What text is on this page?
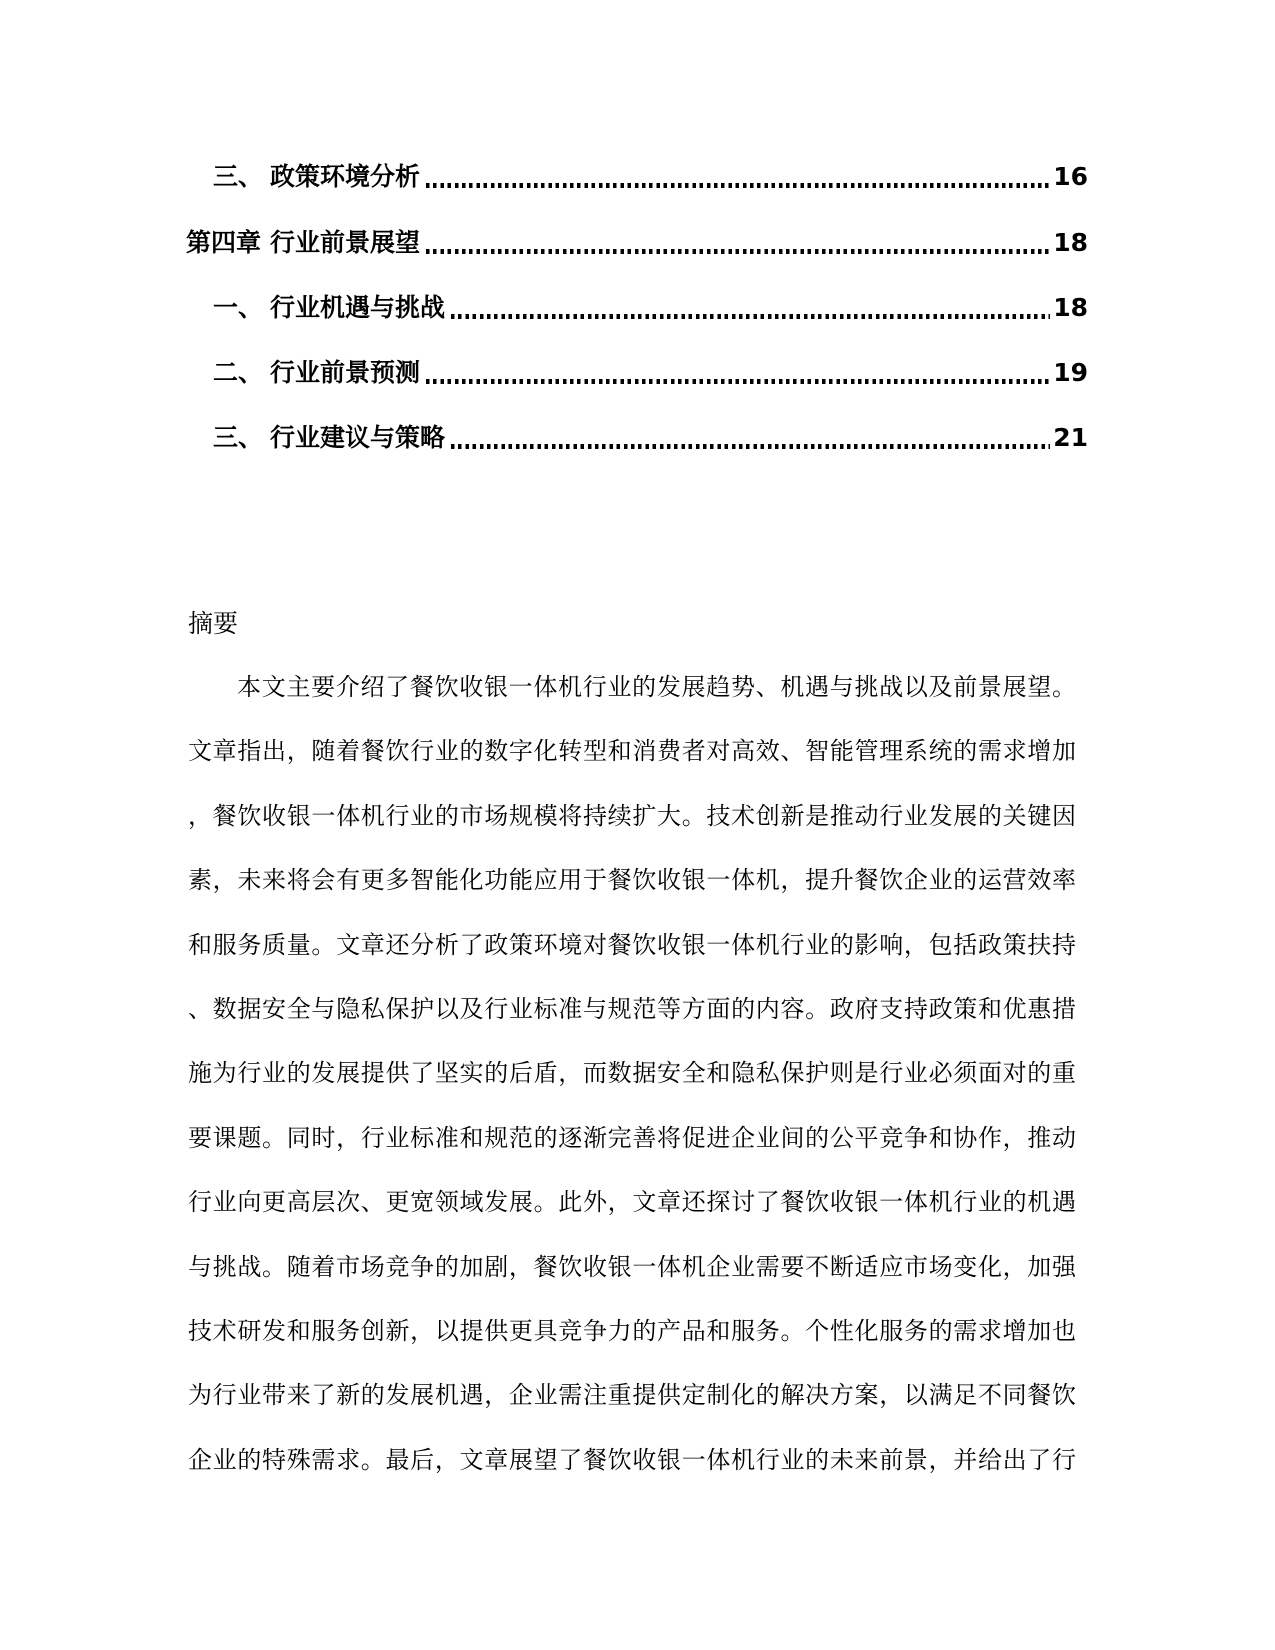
三、 政策环境分析	16
第四章 行业前景展望	18
一、 行业机遇与挑战	18
二、 行业前景预测	19
三、 行业建议与策略	21
摘要
本文主要介绍了餐饮收银一体机行业的发展趋势、机遇与挑战以及前景展望。
文章指出，随着餐饮行业的数字化转型和消费者对高效、智能管理系统的需求增加
，餐饮收银一体机行业的市场规模将持续扩大。技术创新是推动行业发展的关键因
素，未来将会有更多智能化功能应用于餐饮收银一体机，提升餐饮企业的运营效率
和服务质量。文章还分析了政策环境对餐饮收银一体机行业的影响，包括政策扶持
、数据安全与隐私保护以及行业标准与规范等方面的内容。政府支持政策和优惠措
施为行业的发展提供了坚实的后盾，而数据安全和隐私保护则是行业必须面对的重
要课题。同时，行业标准和规范的逐渐完善将促进企业间的公平竞争和协作，推动
行业向更高层次、更宽领域发展。此外，文章还探讨了餐饮收银一体机行业的机遇
与挑战。随着市场竞争的加剧，餐饮收银一体机企业需要不断适应市场变化，加强
技术研发和服务创新，以提供更具竞争力的产品和服务。个性化服务的需求增加也
为行业带来了新的发展机遇，企业需注重提供定制化的解决方案，以满足不同餐饮
企业的特殊需求。最后，文章展望了餐饮收银一体机行业的未来前景，并给出了行
